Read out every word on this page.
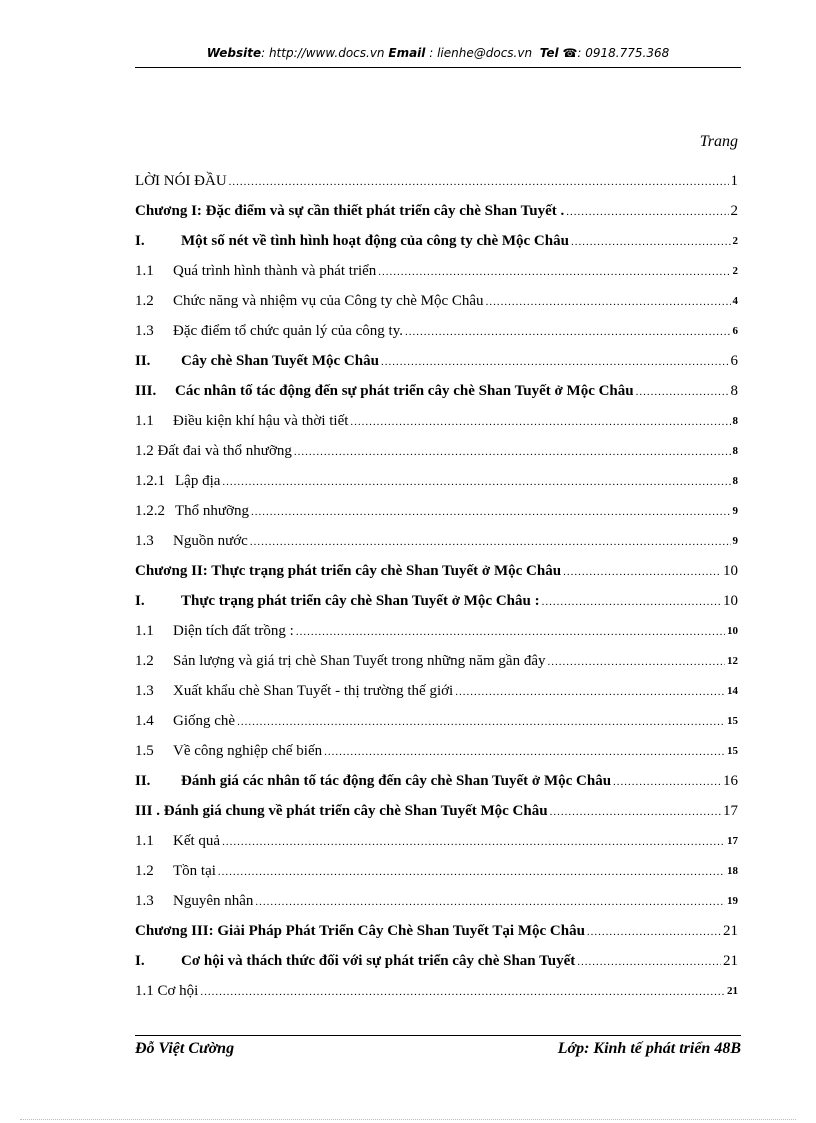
Website: http://www.docs.vn Email : lienhe@docs.vn Tel ☎: 0918.775.368
Trang
LỜI NÓI ĐẦU .....	1
Chương I: Đặc điểm và sự cần thiết phát triển cây chè Shan Tuyết . .....	2
I. Một số nét về tình hình hoạt động của công ty chè Mộc Châu .....	2
1.1 Quá trình hình thành và phát triển .....	2
1.2 Chức năng và nhiệm vụ của Công ty chè Mộc Châu .....	4
1.3 Đặc điểm tổ chức quản lý của công ty. .....	6
II. Cây chè Shan Tuyết Mộc Châu .....	6
III. Các nhân tố tác động đến sự phát triển cây chè Shan Tuyết ở Mộc Châu .....	8
1.1 Điều kiện khí hậu và thời tiết .....	8
1.2 Đất đai và thổ nhưỡng .....	8
1.2.1 Lập địa .....	8
1.2.2 Thổ nhưỡng .....	9
1.3 Nguồn nước .....	9
Chương II: Thực trạng phát triển cây chè Shan Tuyết ở Mộc Châu .....	10
I. Thực trạng phát triển cây chè Shan Tuyết ở Mộc Châu : .....	10
1.1 Diện tích đất trồng : .....	10
1.2 Sản lượng và giá trị chè Shan Tuyết trong những năm gần đây .....	12
1.3 Xuất khẩu chè Shan Tuyết - thị trường thế giới .....	14
1.4 Giống chè .....	15
1.5 Về công nghiệp chế biến .....	15
II. Đánh giá các nhân tố tác động đến cây chè Shan Tuyết ở Mộc Châu .....	16
III . Đánh giá chung về phát triển cây chè Shan Tuyết Mộc Châu .....	17
1.1 Kết quả .....	17
1.2 Tồn tại .....	18
1.3 Nguyên nhân .....	19
Chương III: Giải Pháp Phát Triển Cây Chè Shan Tuyết Tại Mộc Châu .....	21
I. Cơ hội và thách thức đối với sự phát triển cây chè Shan Tuyết .....	21
1.1 Cơ hội .....	21
Đỗ Việt Cường	Lớp: Kinh tế phát triển 48B
